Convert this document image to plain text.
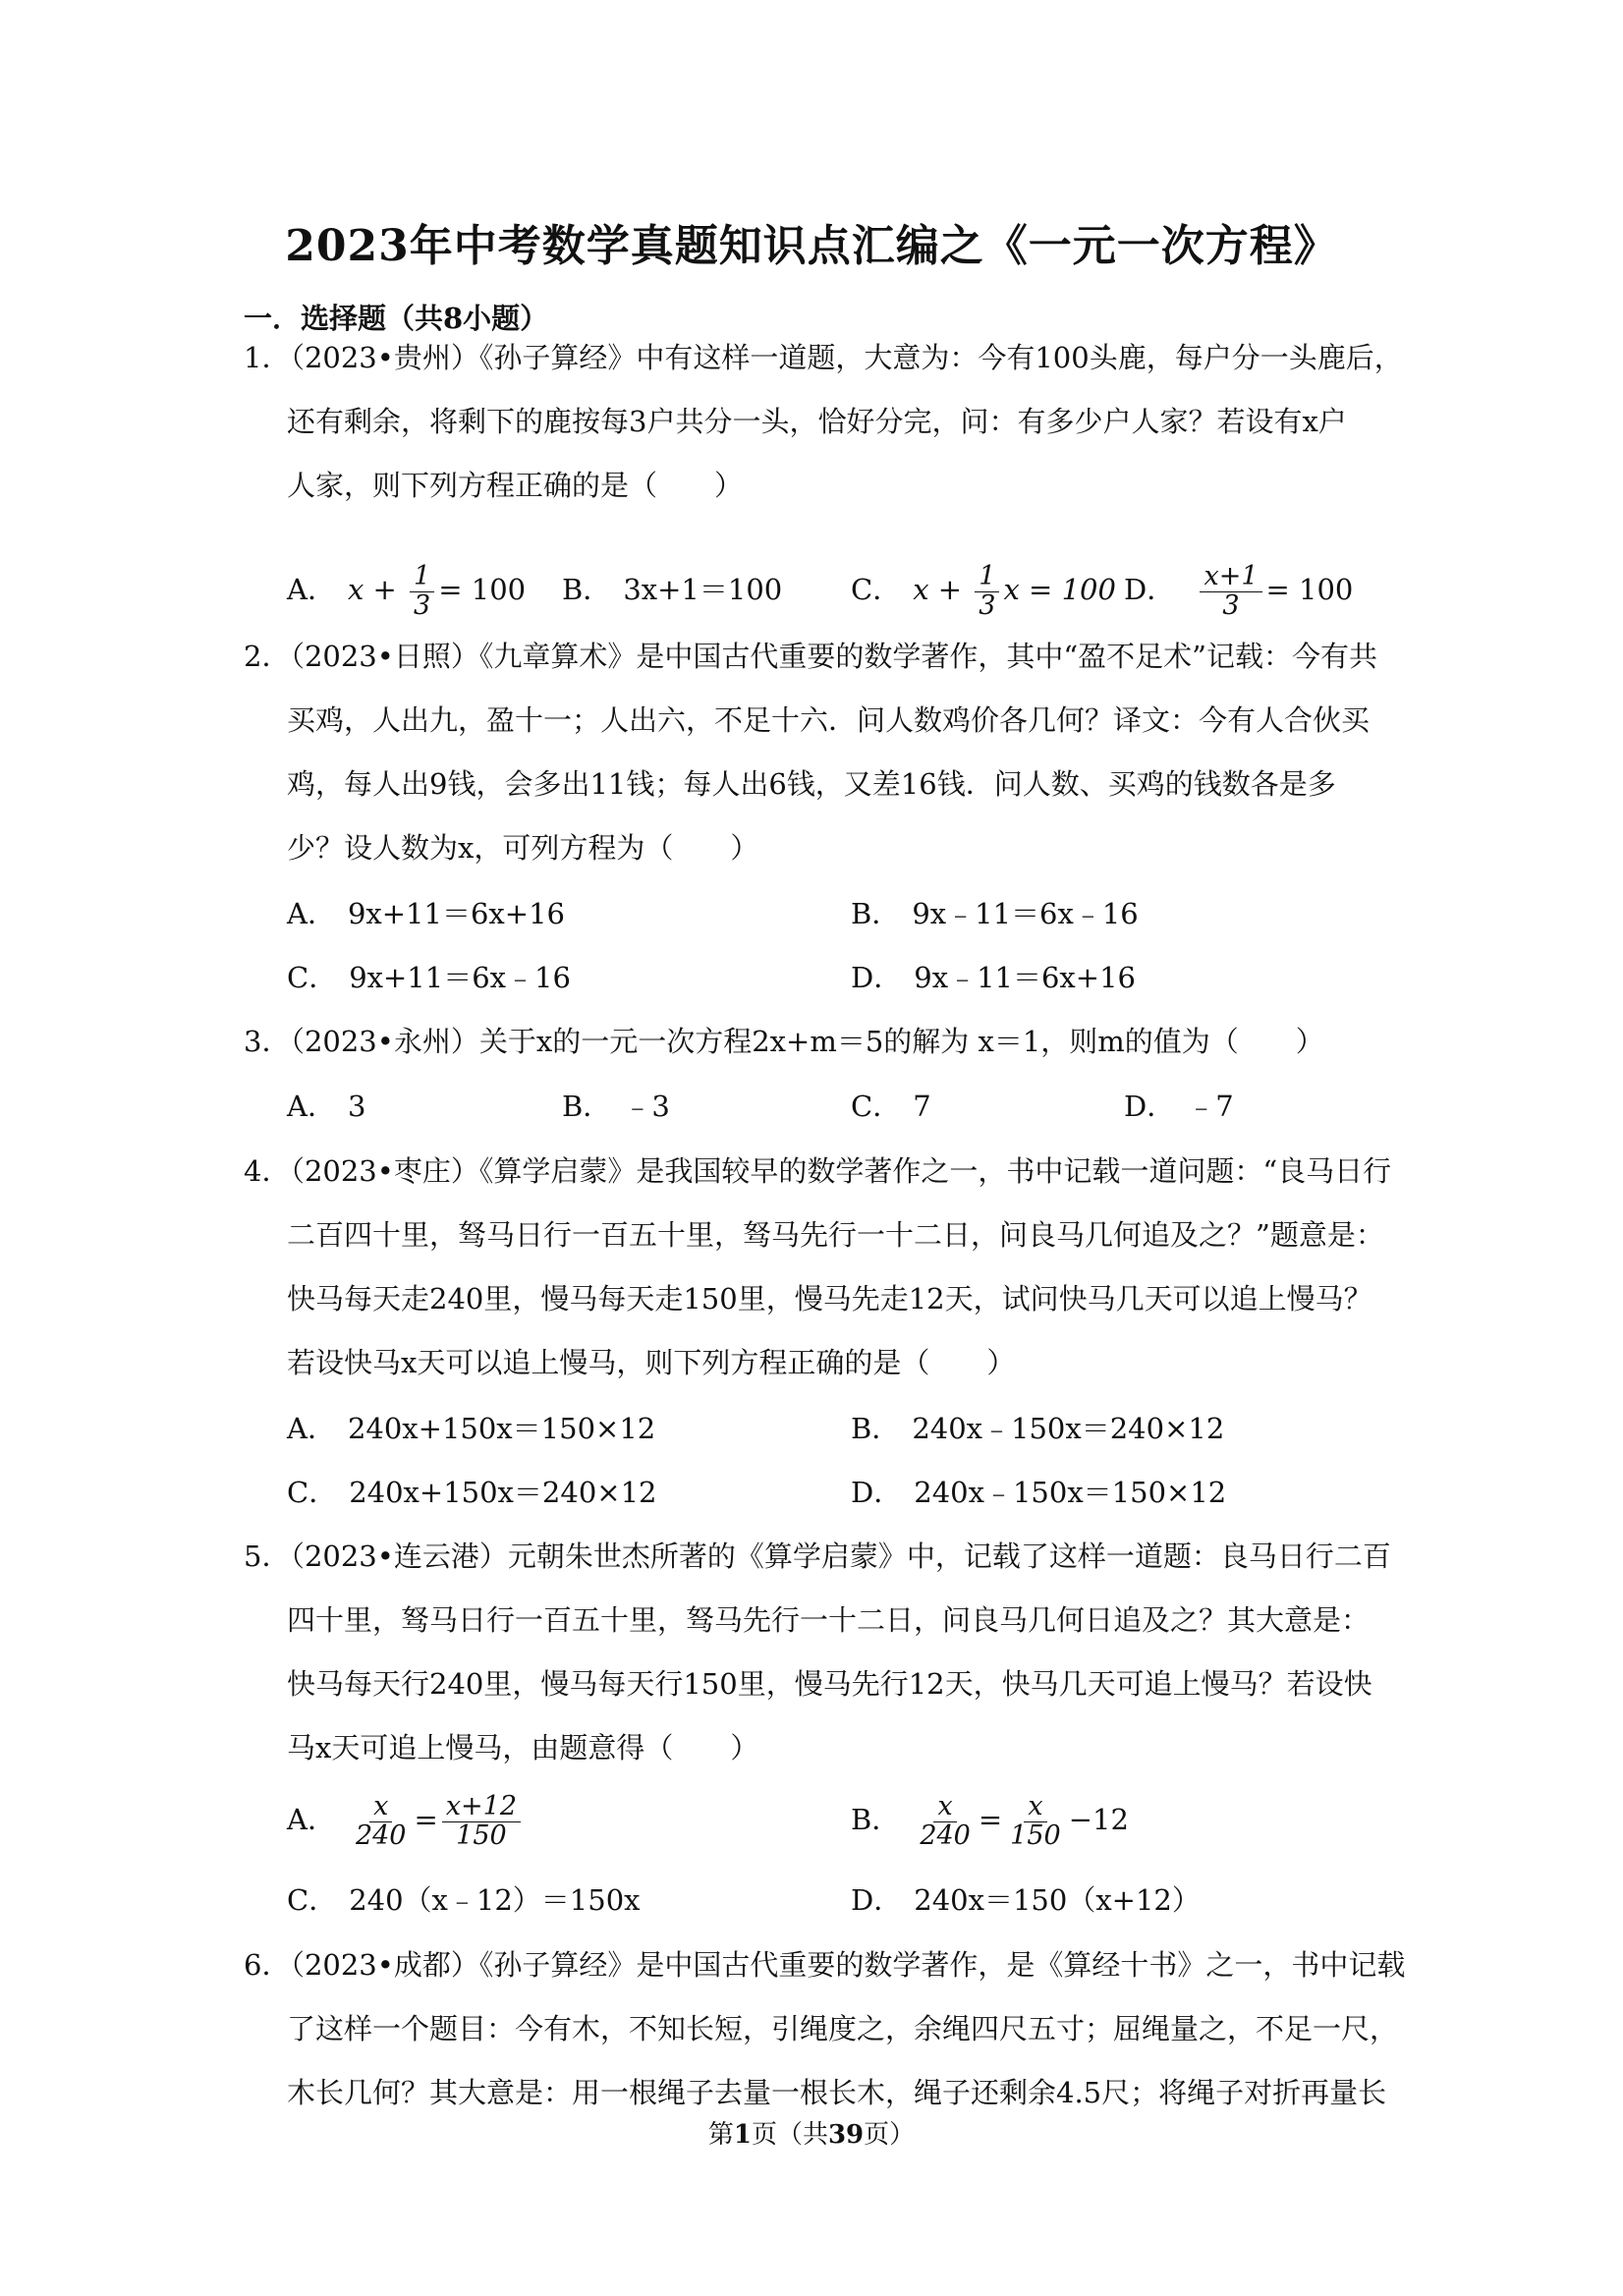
2023年中考数学真题知识点汇编之《一元一次方程》
一．选择题（共8小题）
1．（2023•贵州）《孙子算经》中有这样一道题，大意为：今有100头鹿，每户分一头鹿后，
还有剩余，将剩下的鹿按每3户共分一头，恰好分完，问：有多少户人家？若设有x户
人家，则下列方程正确的是（　　）
A． $x + \frac{1}{3} = 100$ B． 3x+1＝100 C． $x + \frac{1}{3}$ x = 100 D． $\frac{x+1}{3} = 100$
2．（2023•日照）《九章算术》是中国古代重要的数学著作，其中“盈不足术”记载：今有共
买鸡，人出九，盈十一；人出六，不足十六．问人数鸡价各几何？译文：今有人合伙买
鸡，每人出9钱，会多出11钱；每人出6钱，又差16钱．问人数、买鸡的钱数各是多
少？设人数为x，可列方程为（　　）
A． 9x+11＝6x+16	B． 9x﹣11＝6x﹣16
C． 9x+11＝6x﹣16	D． 9x﹣11＝6x+16
3．（2023•永州）关于x的一元一次方程2x+m＝5的解为 x＝1，则m的值为（　　）
A． 3	B． ﹣3	C． 7	D． ﹣7
4．（2023•枣庄）《算学启蒙》是我国较早的数学著作之一，书中记载一道问题：“良马日行
二百四十里，驽马日行一百五十里，驽马先行一十二日，问良马几何追及之？”题意是：
快马每天走240里，慢马每天走150里，慢马先走12天，试问快马几天可以追上慢马？
若设快马x天可以追上慢马，则下列方程正确的是（　　）
A． 240x+150x＝150×12	B． 240x﹣150x＝240×12
C． 240x+150x＝240×12	D． 240x﹣150x＝150×12
5．（2023•连云港）元朝朱世杰所著的《算学启蒙》中，记载了这样一道题：良马日行二百
四十里，驽马日行一百五十里，驽马先行一十二日，问良马几何日追及之？其大意是：
快马每天行240里，慢马每天行150里，慢马先行12天，快马几天可追上慢马？若设快
马x天可追上慢马，由题意得（　　）
A． $\frac{x}{240} = \frac{x+12}{150}$	B． $\frac{x}{240} = \frac{x}{150} -12$
C． 240（x﹣12）＝150x	D． 240x＝150（x+12）
6．（2023•成都）《孙子算经》是中国古代重要的数学著作，是《算经十书》之一，书中记载
了这样一个题目：今有木，不知长短，引绳度之，余绳四尺五寸；屈绳量之，不足一尺，
木长几何？其大意是：用一根绳子去量一根长木，绳子还剩余4.5尺；将绳子对折再量长
第1页（共39页）
